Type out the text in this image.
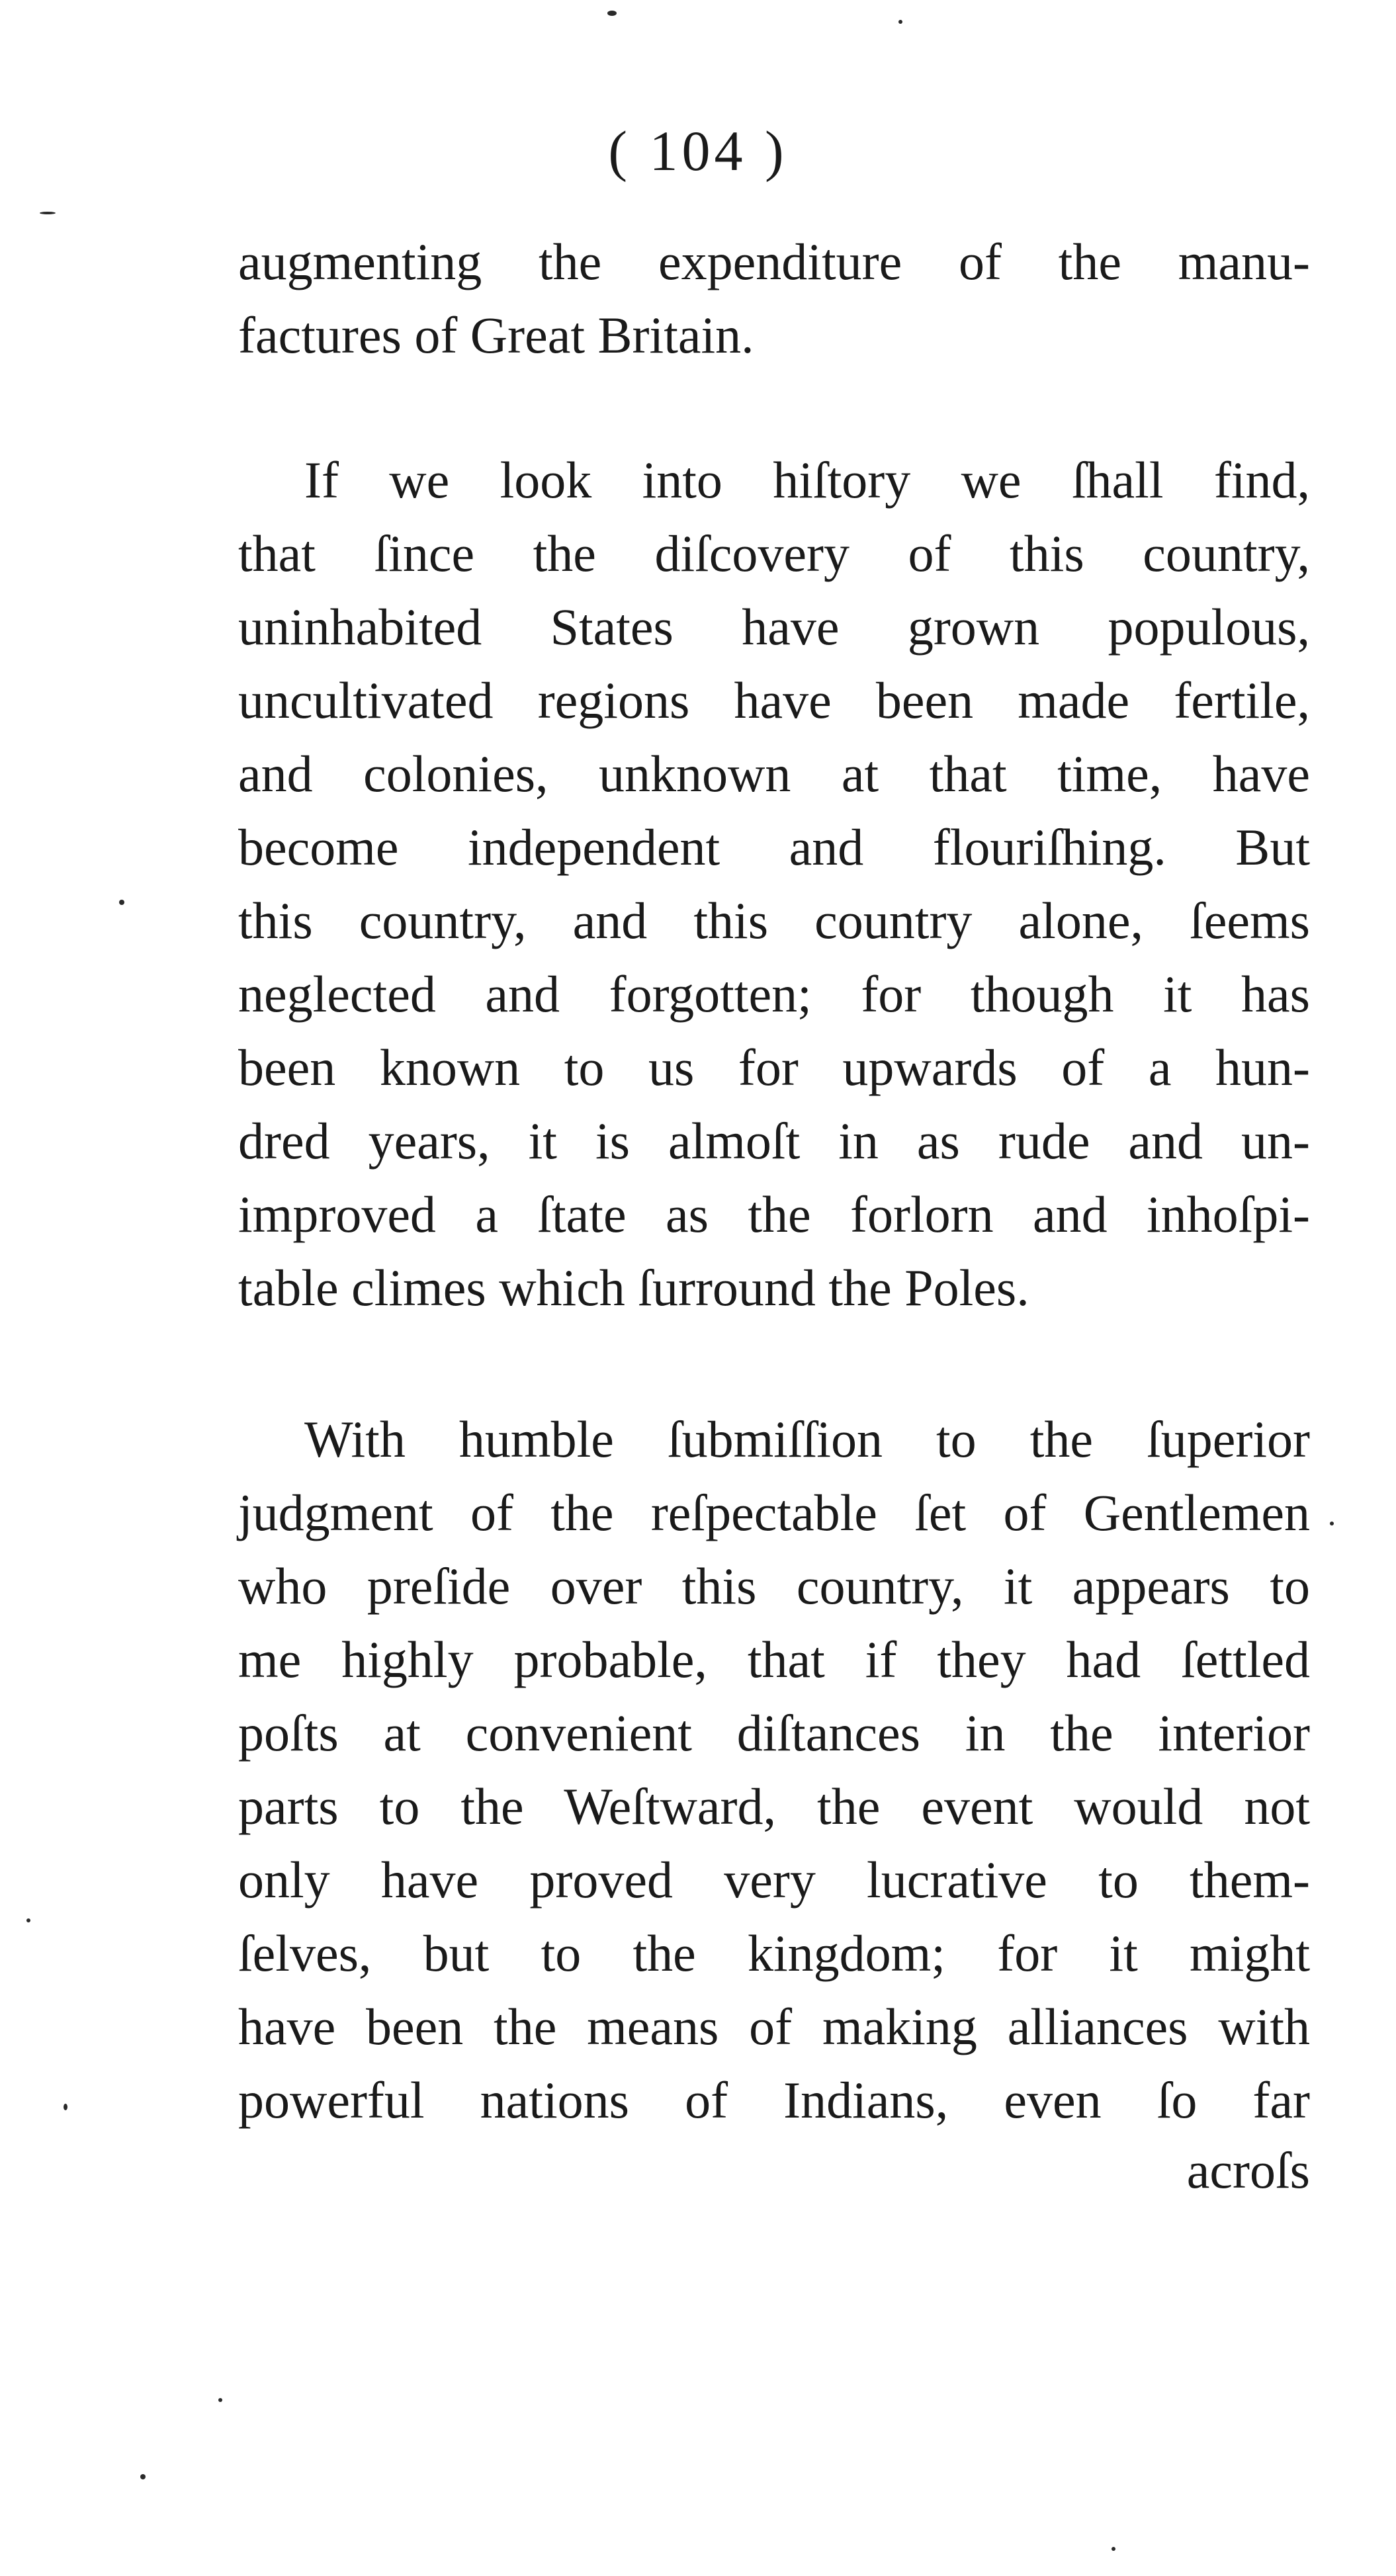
( 104 )
augmenting the expenditure of the manu-
factures of Great Britain.
If we look into hiſtory we ſhall find,
that ſince the diſcovery of this country,
uninhabited States have grown populous,
uncultivated regions have been made fertile,
and colonies, unknown at that time, have
become independent and flouriſhing. But
this country, and this country alone, ſeems
neglected and forgotten; for though it has
been known to us for upwards of a hun-
dred years, it is almoſt in as rude and un-
improved a ſtate as the forlorn and inhoſpi-
table climes which ſurround the Poles.
With humble ſubmiſſion to the ſuperior
judgment of the reſpectable ſet of Gentlemen
who preſide over this country, it appears to
me highly probable, that if they had ſettled
poſts at convenient diſtances in the interior
parts to the Weſtward, the event would not
only have proved very lucrative to them-
ſelves, but to the kingdom; for it might
have been the means of making alliances with
powerful nations of Indians, even ſo far
acroſs
